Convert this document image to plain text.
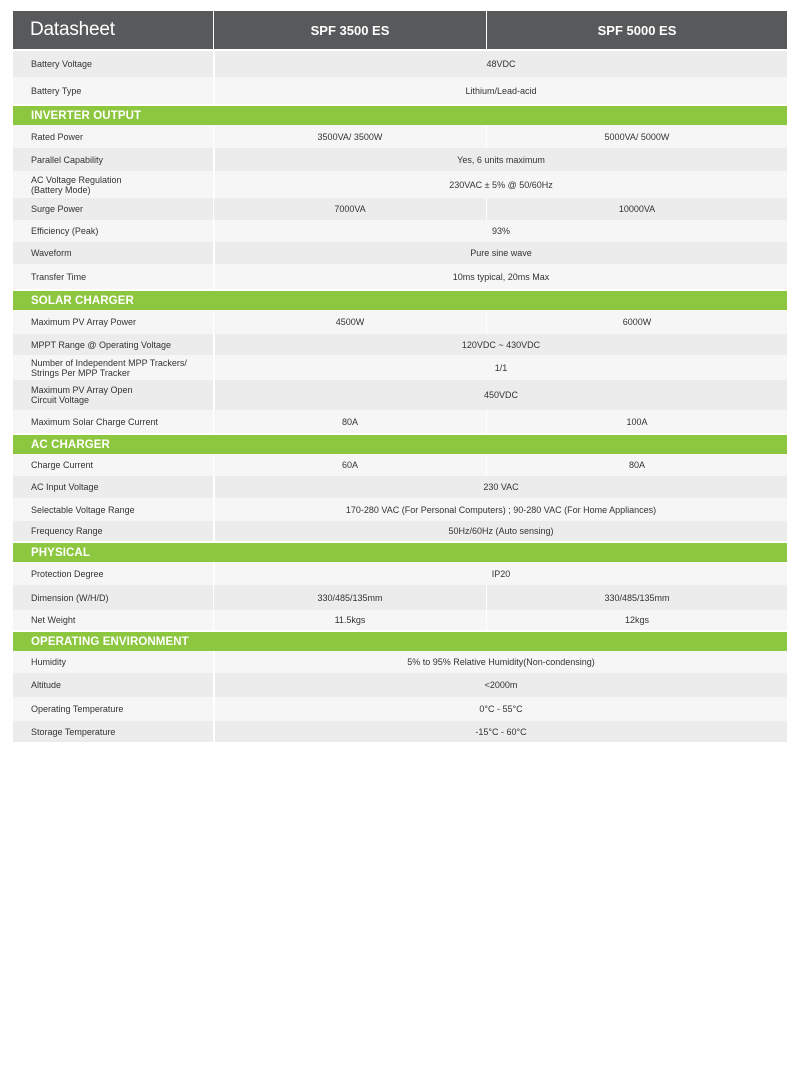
Datasheet	SPF 3500 ES	SPF 5000 ES
Battery Voltage	48VDC
Battery Type	Lithium/Lead-acid
INVERTER OUTPUT
Rated Power	3500VA/ 3500W	5000VA/ 5000W
Parallel Capability	Yes, 6 units maximum
AC Voltage Regulation
(Battery Mode)	230VAC ± 5% @ 50/60Hz
Surge Power	7000VA	10000VA
Efficiency (Peak)	93%
Waveform	Pure sine wave
Transfer Time	10ms typical, 20ms Max
SOLAR CHARGER
Maximum PV Array Power	4500W	6000W
MPPT Range @ Operating Voltage	120VDC ~ 430VDC
Number of Independent MPP Trackers/
Strings Per MPP Tracker	1/1
Maximum PV Array Open
Circuit Voltage	450VDC
Maximum Solar Charge Current	80A	100A
AC CHARGER
Charge Current	60A	80A
AC Input Voltage	230 VAC
Selectable Voltage Range	170-280 VAC (For Personal Computers) ; 90-280 VAC (For Home Appliances)
Frequency Range	50Hz/60Hz (Auto sensing)
PHYSICAL
Protection Degree	IP20
Dimension (W/H/D)	330/485/135mm	330/485/135mm
Net Weight	11.5kgs	12kgs
OPERATING ENVIRONMENT
Humidity	5% to 95% Relative Humidity(Non-condensing)
Altitude	<2000m
Operating Temperature	0°C - 55°C
Storage Temperature	-15°C - 60°C
